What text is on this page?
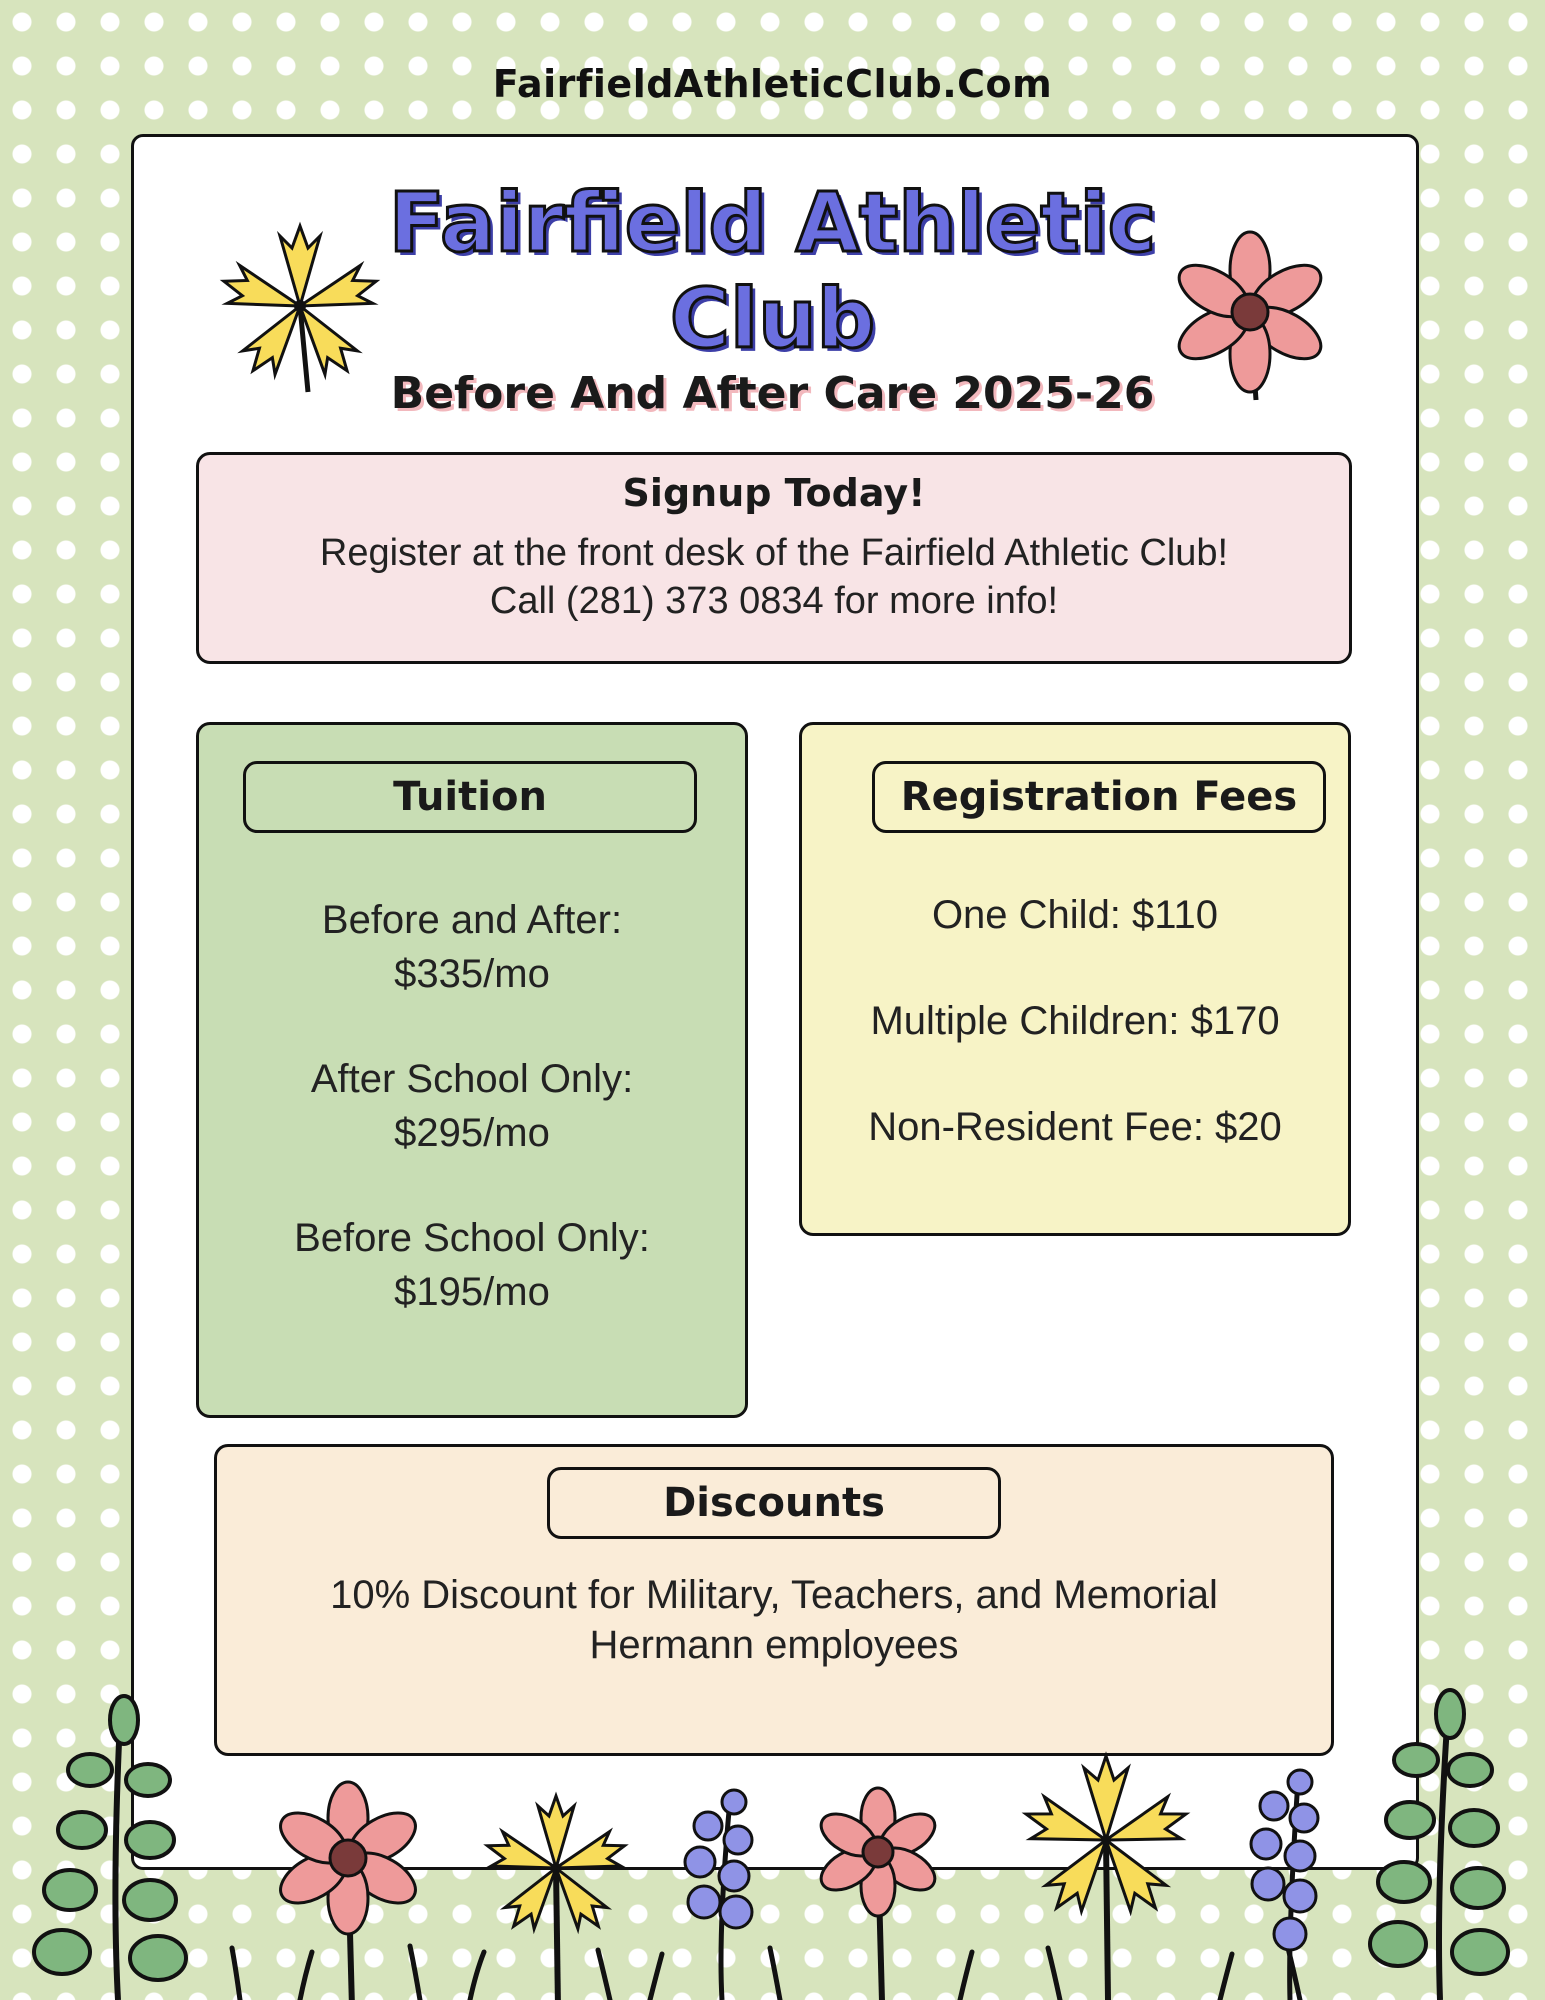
FairfieldAthleticClub.Com
Fairfield Athletic
Club
Before And After Care 2025-26
Signup Today!
Register at the front desk of the Fairfield Athletic Club!
Call (281) 373 0834 for more info!
Tuition
Before and After:
$335/mo
After School Only:
$295/mo
Before School Only:
$195/mo
Registration Fees
One Child: $110
Multiple Children: $170
Non-Resident Fee: $20
Discounts
10% Discount for Military, Teachers, and Memorial
Hermann employees
